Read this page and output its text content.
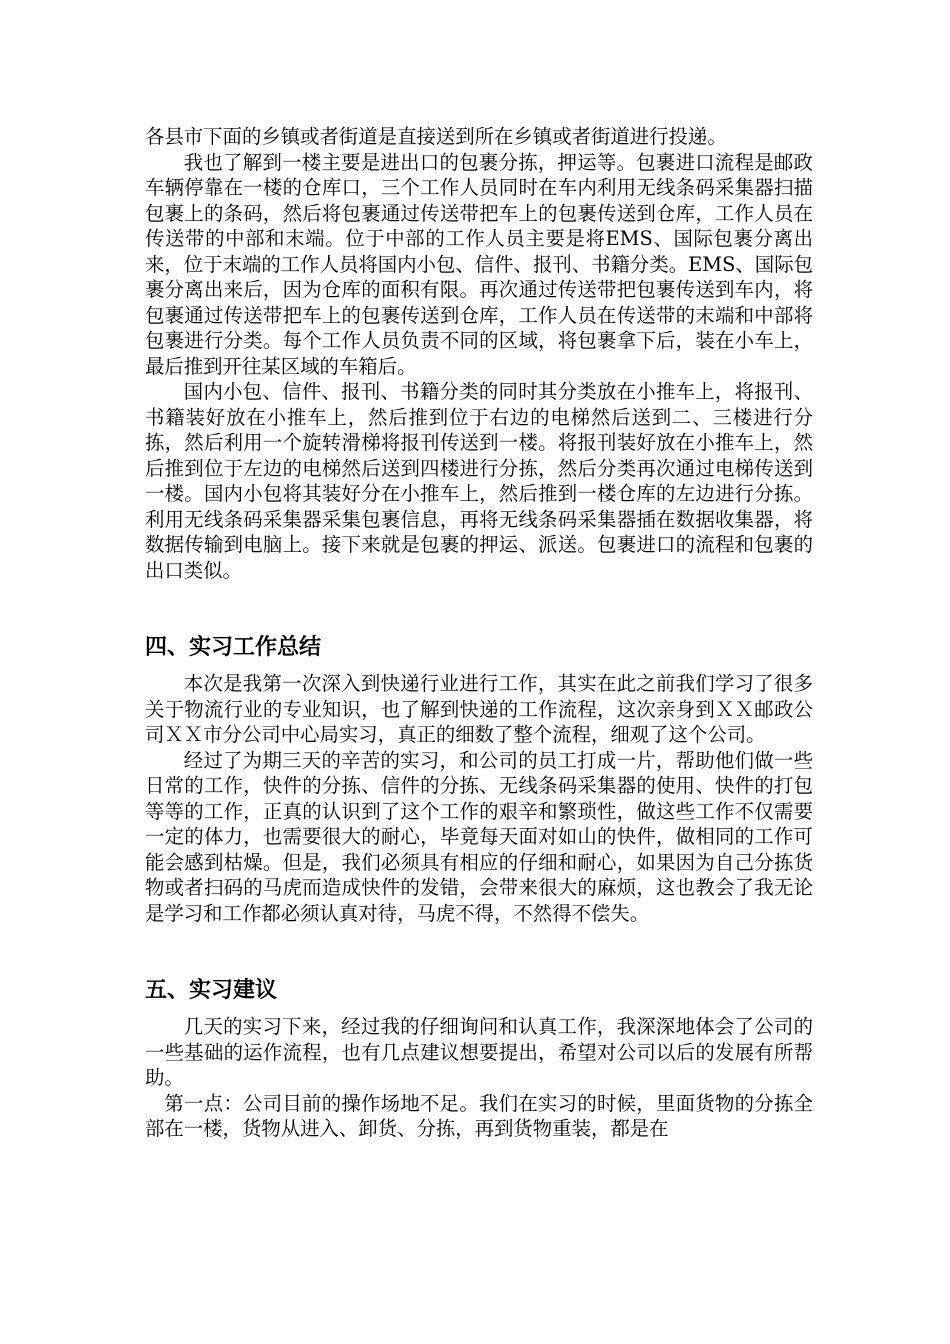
各县市下面的乡镇或者街道是直接送到所在乡镇或者街道进行投递。

我也了解到一楼主要是进出口的包裹分拣，押运等。包裹进口流程是邮政车辆停靠在一楼的仓库口，三个工作人员同时在车内利用无线条码采集器扫描包裹上的条码，然后将包裹通过传送带把车上的包裹传送到仓库，工作人员在传送带的中部和末端。位于中部的工作人员主要是将EMS、国际包裹分离出来，位于末端的工作人员将国内小包、信件、报刊、书籍分类。EMS、国际包裹分离出来后，因为仓库的面积有限。再次通过传送带把包裹传送到车内，将包裹通过传送带把车上的包裹传送到仓库，工作人员在传送带的末端和中部将包裹进行分类。每个工作人员负责不同的区域，将包裹拿下后，装在小车上，最后推到开往某区域的车箱后。

国内小包、信件、报刊、书籍分类的同时其分类放在小推车上，将报刊、书籍装好放在小推车上，然后推到位于右边的电梯然后送到二、三楼进行分拣，然后利用一个旋转滑梯将报刊传送到一楼。将报刊装好放在小推车上，然后推到位于左边的电梯然后送到四楼进行分拣，然后分类再次通过电梯传送到一楼。国内小包将其装好分在小推车上，然后推到一楼仓库的左边进行分拣。利用无线条码采集器采集包裹信息，再将无线条码采集器插在数据收集器，将数据传输到电脑上。接下来就是包裹的押运、派送。包裹进口的流程和包裹的出口类似。

四、实习工作总结

本次是我第一次深入到快递行业进行工作，其实在此之前我们学习了很多关于物流行业的专业知识，也了解到快递的工作流程，这次亲身到ＸＸ邮政公司ＸＸ市分公司中心局实习，真正的细数了整个流程，细观了这个公司。

经过了为期三天的辛苦的实习，和公司的员工打成一片，帮助他们做一些日常的工作，快件的分拣、信件的分拣、无线条码采集器的使用、快件的打包等等的工作，正真的认识到了这个工作的艰辛和繁琐性，做这些工作不仅需要一定的体力，也需要很大的耐心，毕竟每天面对如山的快件，做相同的工作可能会感到枯燥。但是，我们必须具有相应的仔细和耐心，如果因为自己分拣货物或者扫码的马虎而造成快件的发错，会带来很大的麻烦，这也教会了我无论是学习和工作都必须认真对待，马虎不得，不然得不偿失。

五、实习建议

几天的实习下来，经过我的仔细询问和认真工作，我深深地体会了公司的一些基础的运作流程，也有几点建议想要提出，希望对公司以后的发展有所帮助。

第一点：公司目前的操作场地不足。我们在实习的时候，里面货物的分拣全部在一楼，货物从进入、卸货、分拣，再到货物重装，都是在
